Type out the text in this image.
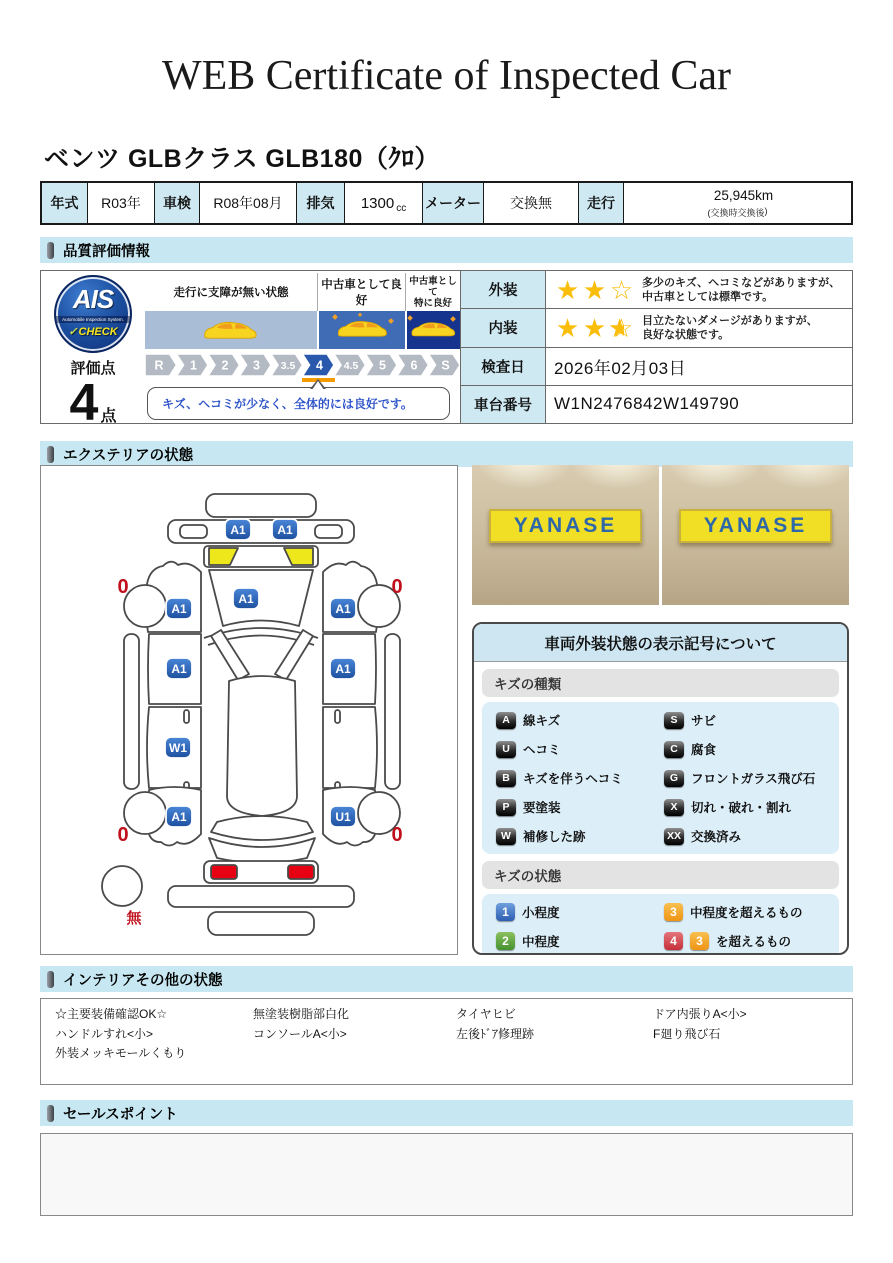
WEB Certificate of Inspected Car
ベンツ GLBクラス GLB180（ｸﾛ）
年式	R03年	車検	R08年08月	排気	1300 cc メーター	交換無	走行	25,945km
(交換時 交換後 )
品質評価情報
AIS
Automobile Inspection System.
✓CHECK
評価点
4 点
走行に支障が無い状態
中古車として良好
中古車として
特に良好
R 1 2 3 3.5 4 4.5 5 6 S
キズ、ヘコミが少なく、全体的には良好です。
外装
★
★
☆
多少のキズ、ヘコミなどがありますが、
中古車としては標準です。
内装
★
★
☆ ★
目立たないダメージがありますが、
良好な状態です。
検査日	2026年02月03日
車台番号	W1N2476842W149790
エクステリアの状態
A1	A1
A1
A1	A1
A1	A1
W1
A1	U1
0	0
0	0
無
YANASE	YANASE
車両外装状態の表示記号について
キズの種類
A	線キズ	S	サビ
U	ヘコミ	C	腐食
B	キズを伴うヘコミ	G	フロントガラス飛び石
P	要塗装	X	切れ・破れ・割れ
W 補修した跡	XX 交換済み
キズの状態
1	小程度	3	中程度を超えるもの
2	中程度	4	3	を超えるもの
インテリアその他の状態
☆主要装備確認OK☆
ハンドルすれ<小>
外装メッキモールくもり
無塗装樹脂部白化
コンソールA<小>
タイヤヒビ
左後ﾄﾞｱ修理跡
ドア内張りA<小>
F廻り飛び石
セールスポイント
